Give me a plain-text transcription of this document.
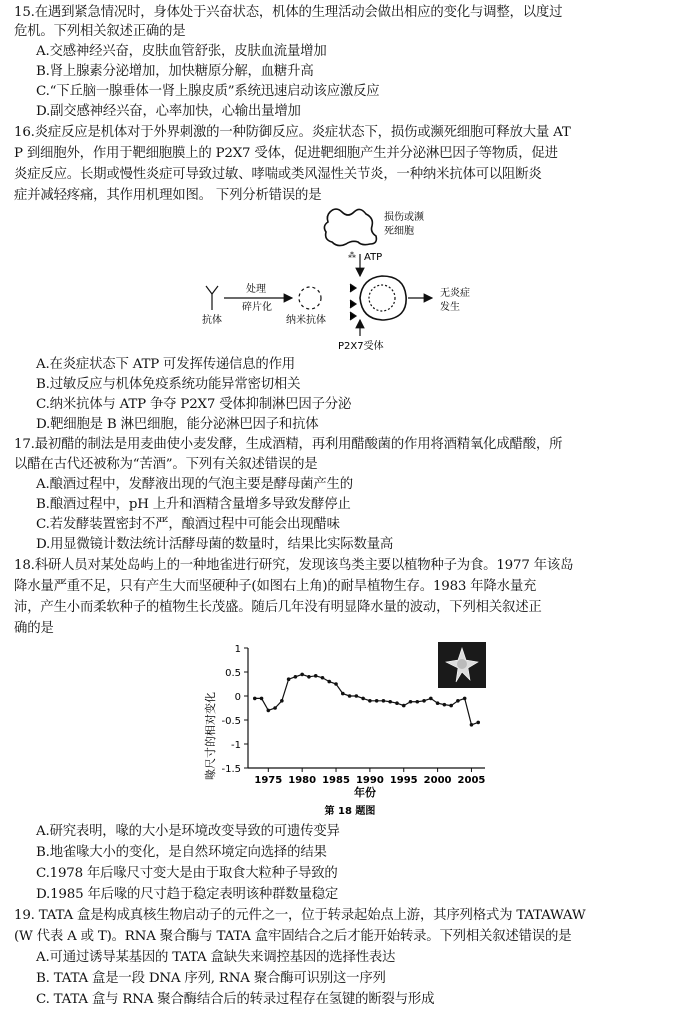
15.在遇到紧急情况时，身体处于兴奋状态，机体的生理活动会做出相应的变化与调整，以度过
危机。下列相关叙述正确的是
A.交感神经兴奋，皮肤血管舒张，皮肤血流量增加
B.肾上腺素分泌增加，加快糖原分解，血糖升高
C.“下丘脑一腺垂体一肾上腺皮质”系统迅速启动该应激反应
D.副交感神经兴奋，心率加快，心输出量增加
16.炎症反应是机体对于外界刺激的一种防御反应。炎症状态下，损伤或濒死细胞可释放大量 AT
P 到细胞外，作用于靶细胞膜上的 P2X7 受体，促进靶细胞产生并分泌淋巴因子等物质，促进
炎症反应。长期或慢性炎症可导致过敏、哮喘或类风湿性关节炎，一种纳米抗体可以阻断炎
症并减轻疼痛，其作用机理如图。 下列分析错误的是
损伤或濒
死细胞
⁂ ATP
抗体
处理
碎片化
纳米抗体
无炎症
发生
P2X7受体
A.在炎症状态下 ATP 可发挥传递信息的作用
B.过敏反应与机体免疫系统功能异常密切相关
C.纳米抗体与 ATP 争夺 P2X7 受体抑制淋巴因子分泌
D.靶细胞是 B 淋巴细胞，能分泌淋巴因子和抗体
17.最初醋的制法是用麦曲使小麦发酵，生成酒精，再利用醋酸菌的作用将酒精氧化成醋酸，所
以醋在古代还被称为“苦酒”。下列有关叙述错误的是
A.酿酒过程中，发酵液出现的气泡主要是酵母菌产生的
B.酿酒过程中，pH 上升和酒精含量增多导致发酵停止
C.若发酵装置密封不严，酿酒过程中可能会出现醋味
D.用显微镜计数法统计活酵母菌的数量时，结果比实际数量高
18.科研人员对某处岛屿上的一种地雀进行研究，发现该鸟类主要以植物种子为食。1977 年该岛
降水量严重不足，只有产生大而坚硬种子(如图右上角)的耐旱植物生存。1983 年降水量充
沛，产生小而柔软种子的植物生长茂盛。随后几年没有明显降水量的波动，下列相关叙述正
确的是
1
0.5
0
-0.5
-1
-1.5
1975 1980 1985 1990 1995 2000 2005
喙尺寸的相对变化
年份
第 18 题图
A.研究表明，喙的大小是环境改变导致的可遗传变异
B.地雀喙大小的变化，是自然环境定向选择的结果
C.1978 年后喙尺寸变大是由于取食大粒种子导致的
D.1985 年后喙的尺寸趋于稳定表明该种群数量稳定
19. TATA 盒是构成真核生物启动子的元件之一，位于转录起始点上游，其序列格式为 TATAWAW
(W 代表 A 或 T)。RNA 聚合酶与 TATA 盒牢固结合之后才能开始转录。下列相关叙述错误的是
A.可通过诱导某基因的 TATA 盒缺失来调控基因的选择性表达
B. TATA 盒是一段 DNA 序列, RNA 聚合酶可识别这一序列
C. TATA 盒与 RNA 聚合酶结合后的转录过程存在氢键的断裂与形成
